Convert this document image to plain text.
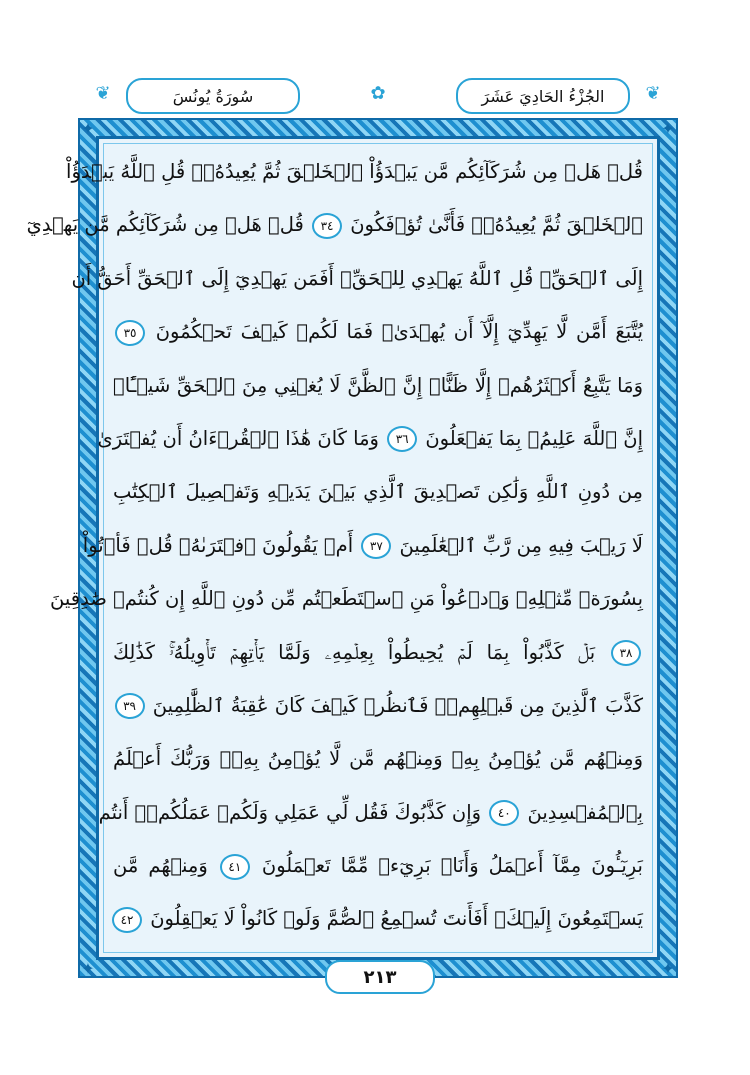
سُورَةُ يُونُسَ	الجُزْءُ الحَادِيَ عَشَرَ
❦	✿	❦
✦	✦
✦	✦
قُلۡ هَلۡ مِن شُرَكَآئِكُم مَّن يَبۡدَؤُاْ ٱلۡخَلۡقَ ثُمَّ يُعِيدُهُۥۚ قُلِ ٱللَّهُ يَبۡدَؤُاْ
ٱلۡخَلۡقَ ثُمَّ يُعِيدُهُۥۖ فَأَنَّىٰ تُؤۡفَكُونَ ٣٤ قُلۡ هَلۡ مِن شُرَكَآئِكُم مَّن يَهۡدِيٓ
إِلَى ٱلۡحَقِّۚ قُلِ ٱللَّهُ يَهۡدِي لِلۡحَقِّۗ أَفَمَن يَهۡدِيٓ إِلَى ٱلۡحَقِّ أَحَقُّ أَن
يُتَّبَعَ أَمَّن لَّا يَهِدِّيٓ إِلَّآ أَن يُهۡدَىٰۖ فَمَا لَكُمۡ كَيۡفَ تَحۡكُمُونَ ٣٥
وَمَا يَتَّبِعُ أَكۡثَرُهُمۡ إِلَّا ظَنًّاۚ إِنَّ ٱلظَّنَّ لَا يُغۡنِي مِنَ ٱلۡحَقِّ شَيۡـًٔاۚ
إِنَّ ٱللَّهَ عَلِيمُۢ بِمَا يَفۡعَلُونَ ٣٦ وَمَا كَانَ هَٰذَا ٱلۡقُرۡءَانُ أَن يُفۡتَرَىٰ
مِن دُونِ ٱللَّهِ وَلَٰكِن تَصۡدِيقَ ٱلَّذِي بَيۡنَ يَدَيۡهِ وَتَفۡصِيلَ ٱلۡكِتَٰبِ
لَا رَيۡبَ فِيهِ مِن رَّبِّ ٱلۡعَٰلَمِينَ ٣٧ أَمۡ يَقُولُونَ ٱفۡتَرَىٰهُۖ قُلۡ فَأۡتُواْ
بِسُورَةٖ مِّثۡلِهِۦ وَٱدۡعُواْ مَنِ ٱسۡتَطَعۡتُم مِّن دُونِ ٱللَّهِ إِن كُنتُمۡ صَٰدِقِينَ
٣٨ بَلۡ كَذَّبُواْ بِمَا لَمۡ يُحِيطُواْ بِعِلۡمِهِۦ وَلَمَّا يَأۡتِهِمۡ تَأۡوِيلُهُۥۚ كَذَٰلِكَ
كَذَّبَ ٱلَّذِينَ مِن قَبۡلِهِمۡۖ فَٱنظُرۡ كَيۡفَ كَانَ عَٰقِبَةُ ٱلظَّٰلِمِينَ ٣٩
وَمِنۡهُم مَّن يُؤۡمِنُ بِهِۦ وَمِنۡهُم مَّن لَّا يُؤۡمِنُ بِهِۦۚ وَرَبُّكَ أَعۡلَمُ
بِٱلۡمُفۡسِدِينَ ٤٠ وَإِن كَذَّبُوكَ فَقُل لِّي عَمَلِي وَلَكُمۡ عَمَلُكُمۡۖ أَنتُم
بَرِيٓـُٔونَ مِمَّآ أَعۡمَلُ وَأَنَا۠ بَرِيٓءٞ مِّمَّا تَعۡمَلُونَ ٤١ وَمِنۡهُم مَّن
يَسۡتَمِعُونَ إِلَيۡكَۚ أَفَأَنتَ تُسۡمِعُ ٱلصُّمَّ وَلَوۡ كَانُواْ لَا يَعۡقِلُونَ ٤٢
٢١٣
